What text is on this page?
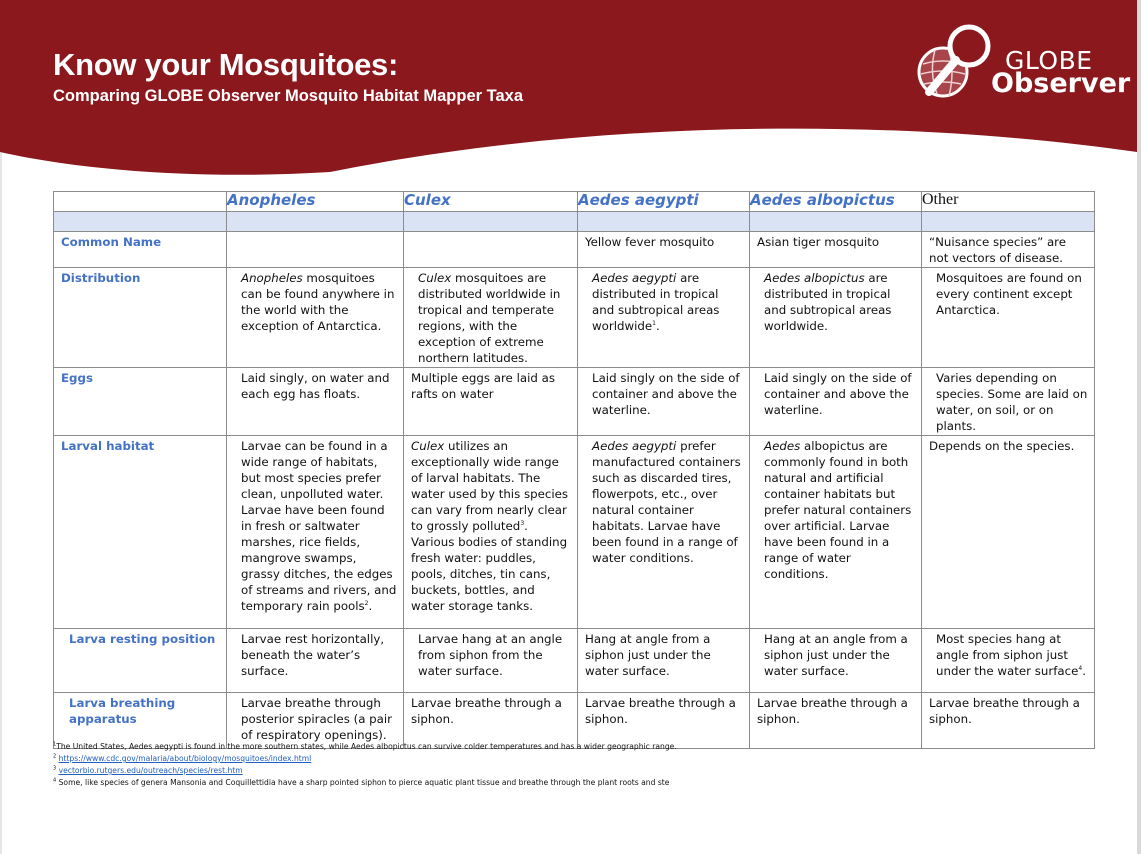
Know your Mosquitoes:
Comparing GLOBE Observer Mosquito Habitat Mapper Taxa
GLOBE
Observer
	Anopheles	Culex	Aedes aegypti	Aedes albopictus	Other

Common Name			Yellow fever mosquito	Asian tiger mosquito	“Nuisance species” are not vectors of disease.
Distribution	Anopheles mosquitoes can be found anywhere in the world with the exception of Antarctica.	Culex mosquitoes are distributed worldwide in tropical and temperate regions, with the exception of extreme northern latitudes.	Aedes aegypti are distributed in tropical and subtropical areas worldwide$^1$.	Aedes albopictus are distributed in tropical and subtropical areas worldwide.	Mosquitoes are found on every continent except Antarctica.
Eggs	Laid singly, on water and each egg has floats.	Multiple eggs are laid as rafts on water	Laid singly on the side of container and above the waterline.	Laid singly on the side of container and above the waterline.	Varies depending on species. Some are laid on water, on soil, or on plants.
Larval habitat	Larvae can be found in a wide range of habitats, but most species prefer clean, unpolluted water. Larvae have been found in fresh or saltwater marshes, rice fields, mangrove swamps, grassy ditches, the edges of streams and rivers, and temporary rain pools$^2$.	Culex utilizes an exceptionally wide range of larval habitats. The water used by this species can vary from nearly clear to grossly polluted$^3$. Various bodies of standing fresh water: puddles, pools, ditches, tin cans, buckets, bottles, and water storage tanks.	Aedes aegypti prefer manufactured containers such as discarded tires, flowerpots, etc., over natural container habitats. Larvae have been found in a range of water conditions.	Aedes albopictus are commonly found in both natural and artificial container habitats but prefer natural containers over artificial. Larvae have been found in a range of water conditions.	Depends on the species.
Larva resting position	Larvae rest horizontally, beneath the water’s surface.	Larvae hang at an angle from siphon from the water surface.	Hang at angle from a siphon just under the water surface.	Hang at an angle from a siphon just under the water surface.	Most species hang at angle from siphon just under the water surface$^4$.
Larva breathing apparatus	Larvae breathe through posterior spiracles (a pair of respiratory openings).	Larvae breathe through a siphon.	Larvae breathe through a siphon.	Larvae breathe through a siphon.	Larvae breathe through a siphon.
$^1$The United States, Aedes aegypti is found in the more southern states, while Aedes albopictus can survive colder temperatures and has a wider geographic range.
$^2$ https://www.cdc.gov/malaria/about/biology/mosquitoes/index.html
$^3$ vectorbio.rutgers.edu/outreach/species/rest.htm
$^4$ Some, like species of genera Mansonia and Coquillettidia have a sharp pointed siphon to pierce aquatic plant tissue and breathe through the plant roots and ste
